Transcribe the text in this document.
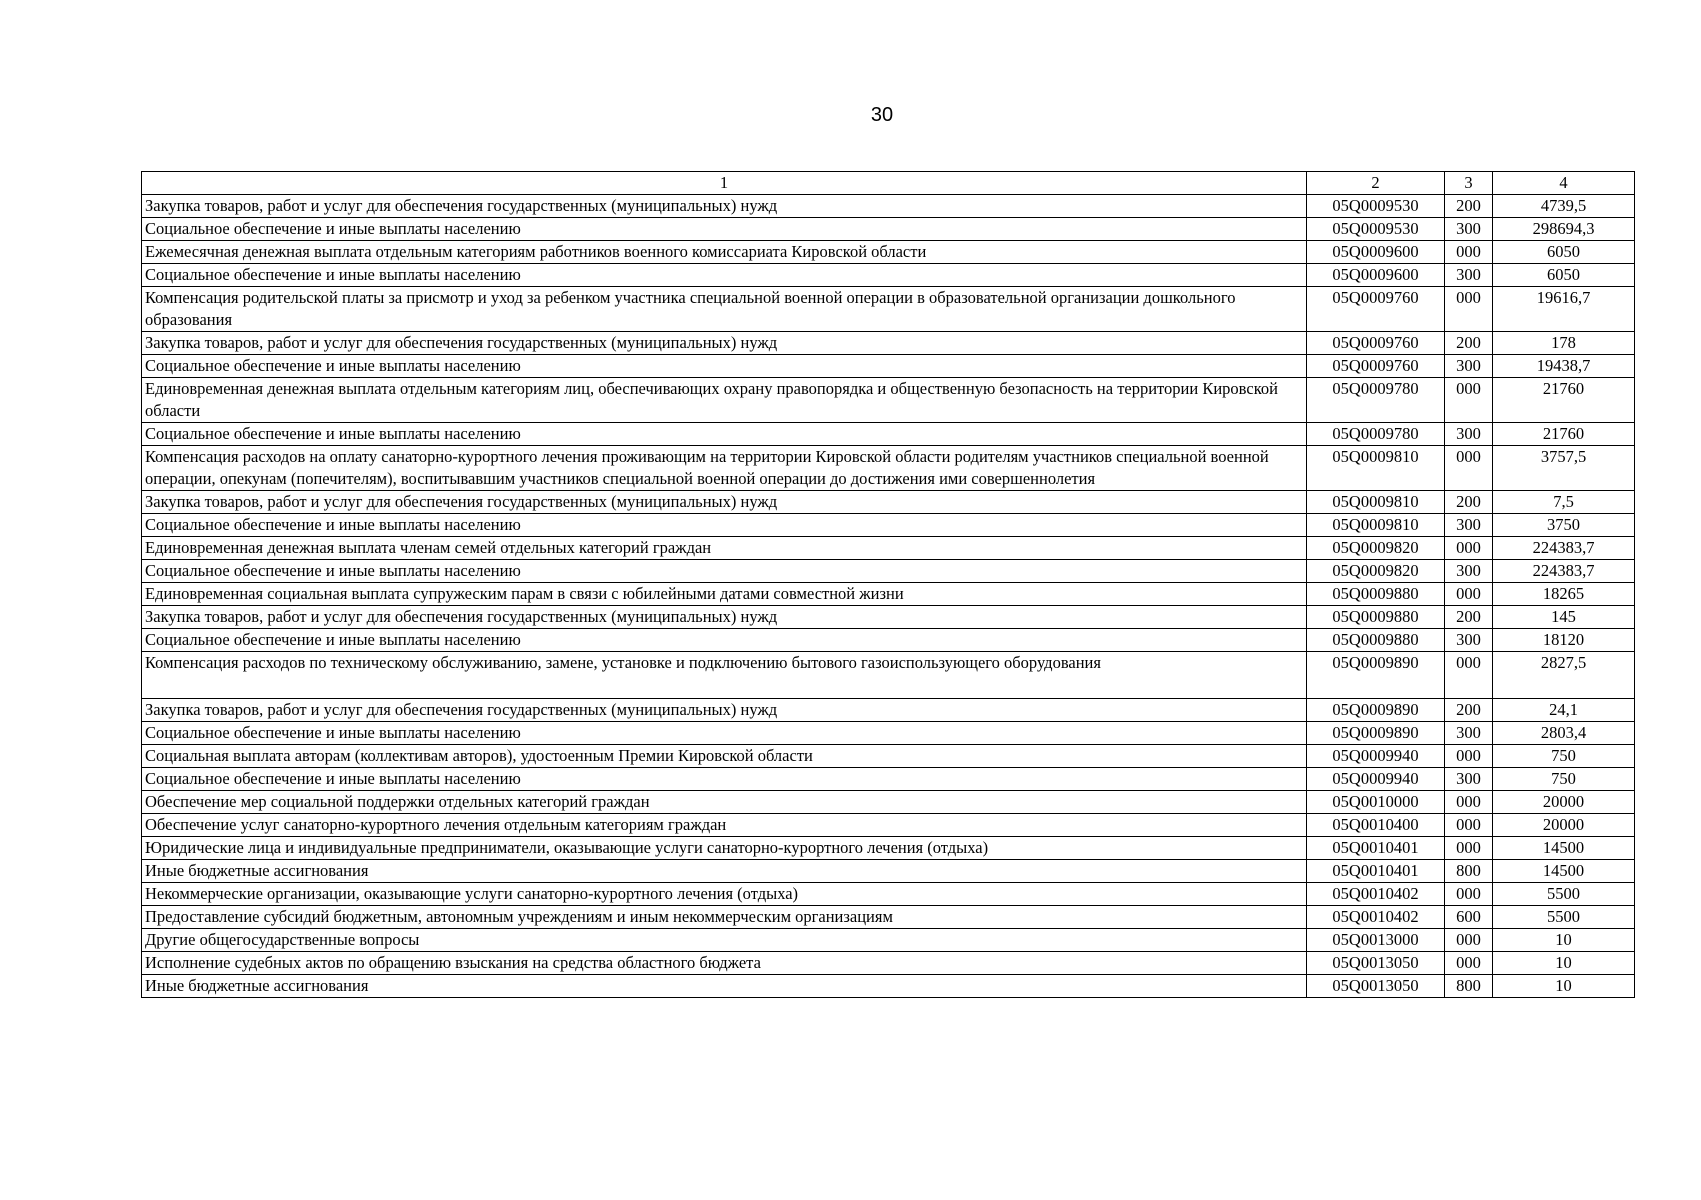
30
1	2	3	4
Закупка товаров, работ и услуг для обеспечения государственных (муниципальных) нужд	05Q0009530	200	4739,5
Социальное обеспечение и иные выплаты населению	05Q0009530	300	298694,3
Ежемесячная денежная выплата отдельным категориям работников военного комиссариата Кировской области	05Q0009600	000	6050
Социальное обеспечение и иные выплаты населению	05Q0009600	300	6050
Компенсация родительской платы за присмотр и уход за ребенком участника специальной военной операции в образовательной организации дошкольного образования	05Q0009760	000	19616,7
Закупка товаров, работ и услуг для обеспечения государственных (муниципальных) нужд	05Q0009760	200	178
Социальное обеспечение и иные выплаты населению	05Q0009760	300	19438,7
Единовременная денежная выплата отдельным категориям лиц, обеспечивающих охрану правопорядка и общественную безопасность на территории Кировской области	05Q0009780	000	21760
Социальное обеспечение и иные выплаты населению	05Q0009780	300	21760
Компенсация расходов на оплату санаторно-курортного лечения проживающим на территории Кировской области родителям участников специальной военной операции, опекунам (попечителям), воспитывавшим участников специальной военной операции до достижения ими совершеннолетия	05Q0009810	000	3757,5
Закупка товаров, работ и услуг для обеспечения государственных (муниципальных) нужд	05Q0009810	200	7,5
Социальное обеспечение и иные выплаты населению	05Q0009810	300	3750
Единовременная денежная выплата членам семей отдельных категорий граждан	05Q0009820	000	224383,7
Социальное обеспечение и иные выплаты населению	05Q0009820	300	224383,7
Единовременная социальная выплата супружеским парам в связи с юбилейными датами совместной жизни	05Q0009880	000	18265
Закупка товаров, работ и услуг для обеспечения государственных (муниципальных) нужд	05Q0009880	200	145
Социальное обеспечение и иные выплаты населению	05Q0009880	300	18120
Компенсация расходов по техническому обслуживанию, замене, установке и подключению бытового газоиспользующего оборудования	05Q0009890	000	2827,5
Закупка товаров, работ и услуг для обеспечения государственных (муниципальных) нужд	05Q0009890	200	24,1
Социальное обеспечение и иные выплаты населению	05Q0009890	300	2803,4
Социальная выплата авторам (коллективам авторов), удостоенным Премии Кировской области	05Q0009940	000	750
Социальное обеспечение и иные выплаты населению	05Q0009940	300	750
Обеспечение мер социальной поддержки отдельных категорий граждан	05Q0010000	000	20000
Обеспечение услуг санаторно-курортного лечения отдельным категориям граждан	05Q0010400	000	20000
Юридические лица и индивидуальные предприниматели, оказывающие услуги санаторно-курортного лечения (отдыха)	05Q0010401	000	14500
Иные бюджетные ассигнования	05Q0010401	800	14500
Некоммерческие организации, оказывающие услуги санаторно-курортного лечения (отдыха)	05Q0010402	000	5500
Предоставление субсидий бюджетным, автономным учреждениям и иным некоммерческим организациям	05Q0010402	600	5500
Другие общегосударственные вопросы	05Q0013000	000	10
Исполнение судебных актов по обращению взыскания на средства областного бюджета	05Q0013050	000	10
Иные бюджетные ассигнования	05Q0013050	800	10
